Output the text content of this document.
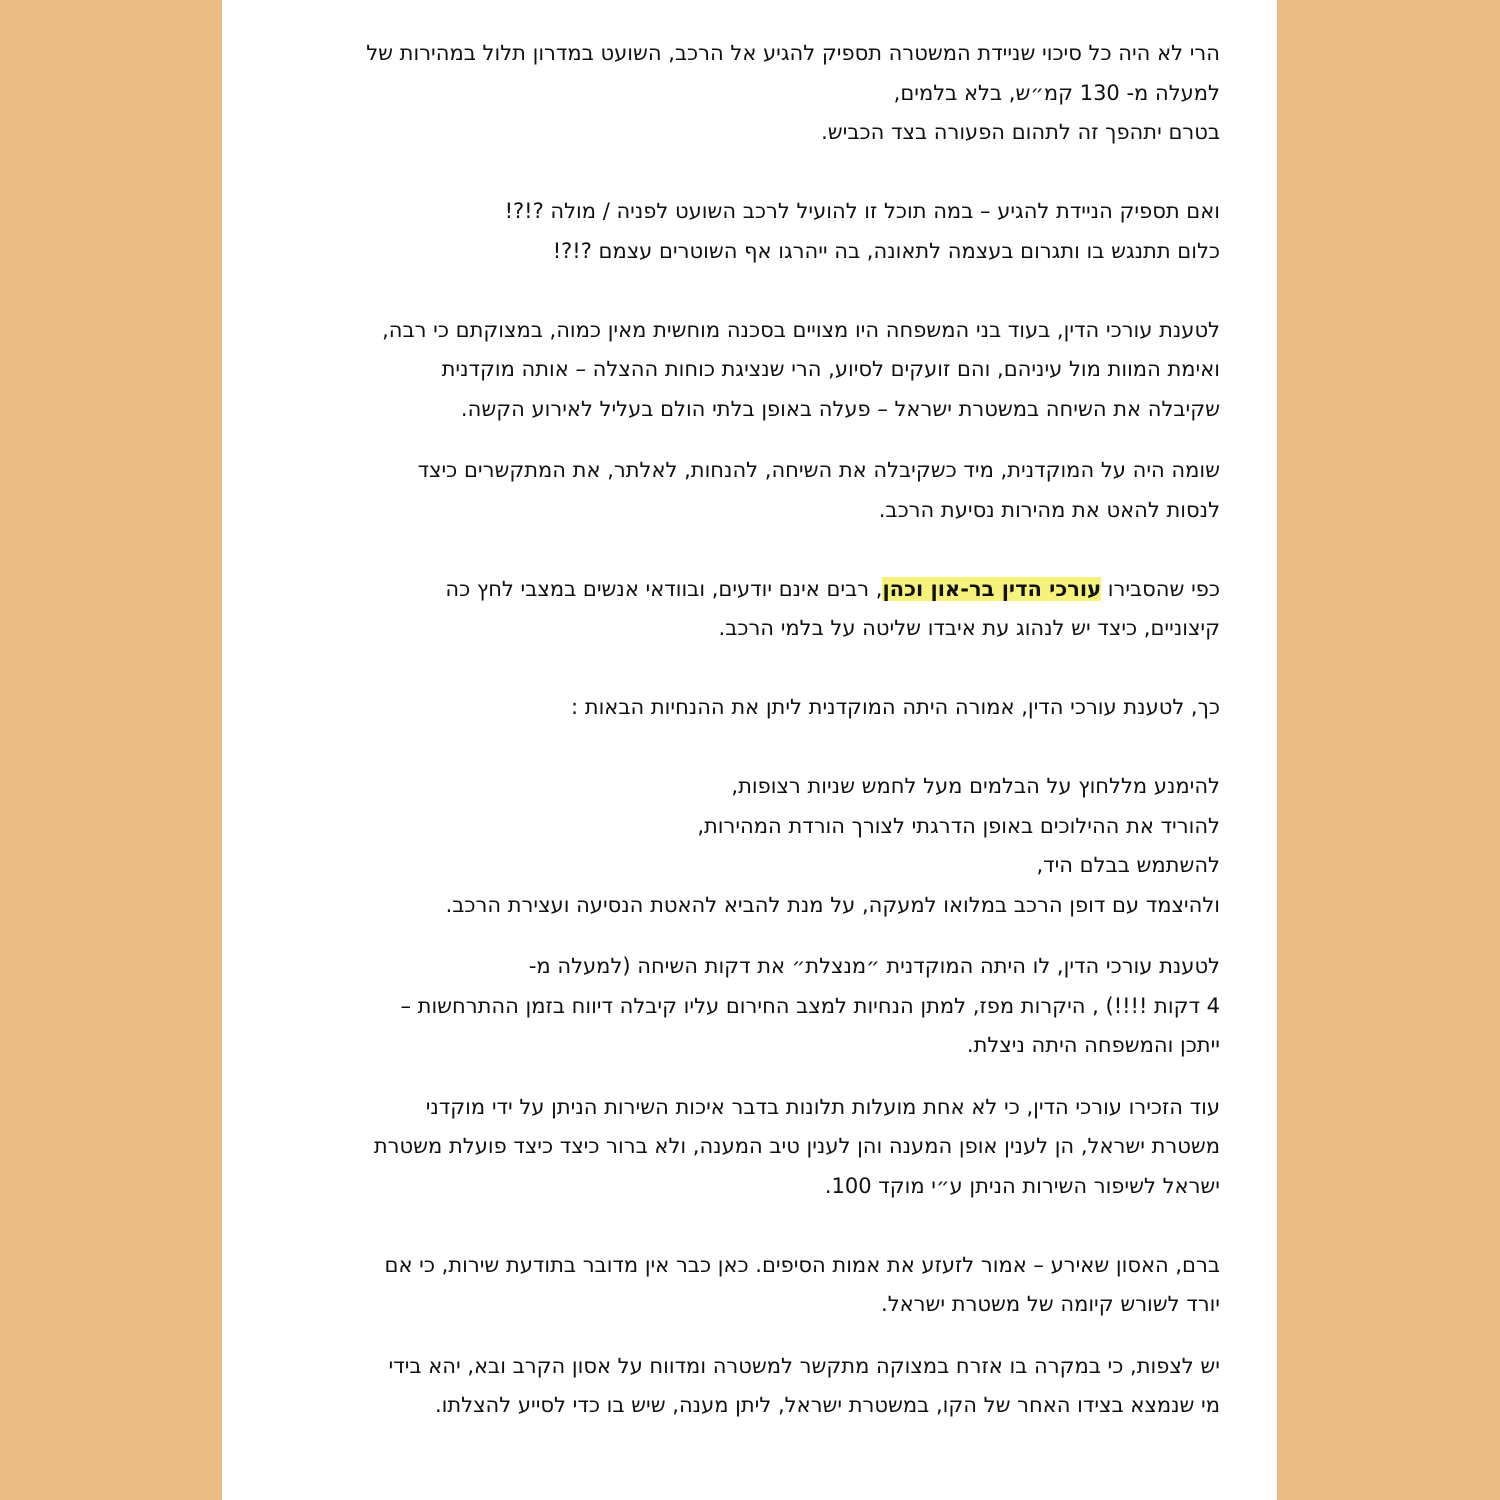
הרי לא היה כל סיכוי שניידת המשטרה תספיק להגיע אל הרכב, השועט במדרון תלול במהירות של
למעלה מ- 130 קמ״ש, בלא בלמים,
בטרם יתהפך זה לתהום הפעורה בצד הכביש.
ואם תספיק הניידת להגיע – במה תוכל זו להועיל לרכב השועט לפניה / מולה ?!?!
כלום תתנגש בו ותגרום בעצמה לתאונה, בה ייהרגו אף השוטרים עצמם ?!?!
לטענת עורכי הדין, בעוד בני המשפחה היו מצויים בסכנה מוחשית מאין כמוה, במצוקתם כי רבה,
ואימת המוות מול עיניהם, והם זועקים לסיוע, הרי שנציגת כוחות ההצלה – אותה מוקדנית
שקיבלה את השיחה במשטרת ישראל – פעלה באופן בלתי הולם בעליל לאירוע הקשה.
שומה היה על המוקדנית, מיד כשקיבלה את השיחה, להנחות, לאלתר, את המתקשרים כיצד
לנסות להאט את מהירות נסיעת הרכב.
כפי שהסבירו עורכי הדין בר-און וכהן, רבים אינם יודעים, ובוודאי אנשים במצבי לחץ כה
קיצוניים, כיצד יש לנהוג עת איבדו שליטה על בלמי הרכב.
כך, לטענת עורכי הדין, אמורה היתה המוקדנית ליתן את ההנחיות הבאות :
להימנע מללחוץ על הבלמים מעל לחמש שניות רצופות,
להוריד את ההילוכים באופן הדרגתי לצורך הורדת המהירות,
להשתמש בבלם היד,
ולהיצמד עם דופן הרכב במלואו למעקה, על מנת להביא להאטת הנסיעה ועצירת הרכב.
לטענת עורכי הדין, לו היתה המוקדנית ״מנצלת״ את דקות השיחה (למעלה מ-
4 דקות !!!!) , היקרות מפז, למתן הנחיות למצב החירום עליו קיבלה דיווח בזמן ההתרחשות –
ייתכן והמשפחה היתה ניצלת.
עוד הזכירו עורכי הדין, כי לא אחת מועלות תלונות בדבר איכות השירות הניתן על ידי מוקדני
משטרת ישראל, הן לענין אופן המענה והן לענין טיב המענה, ולא ברור כיצד כיצד פועלת משטרת
ישראל לשיפור השירות הניתן ע״י מוקד 100.
ברם, האסון שאירע – אמור לזעזע את אמות הסיפים. כאן כבר אין מדובר בתודעת שירות, כי אם
יורד לשורש קיומה של משטרת ישראל.
יש לצפות, כי במקרה בו אזרח במצוקה מתקשר למשטרה ומדווח על אסון הקרב ובא, יהא בידי
מי שנמצא בצידו האחר של הקו, במשטרת ישראל, ליתן מענה, שיש בו כדי לסייע להצלתו.
